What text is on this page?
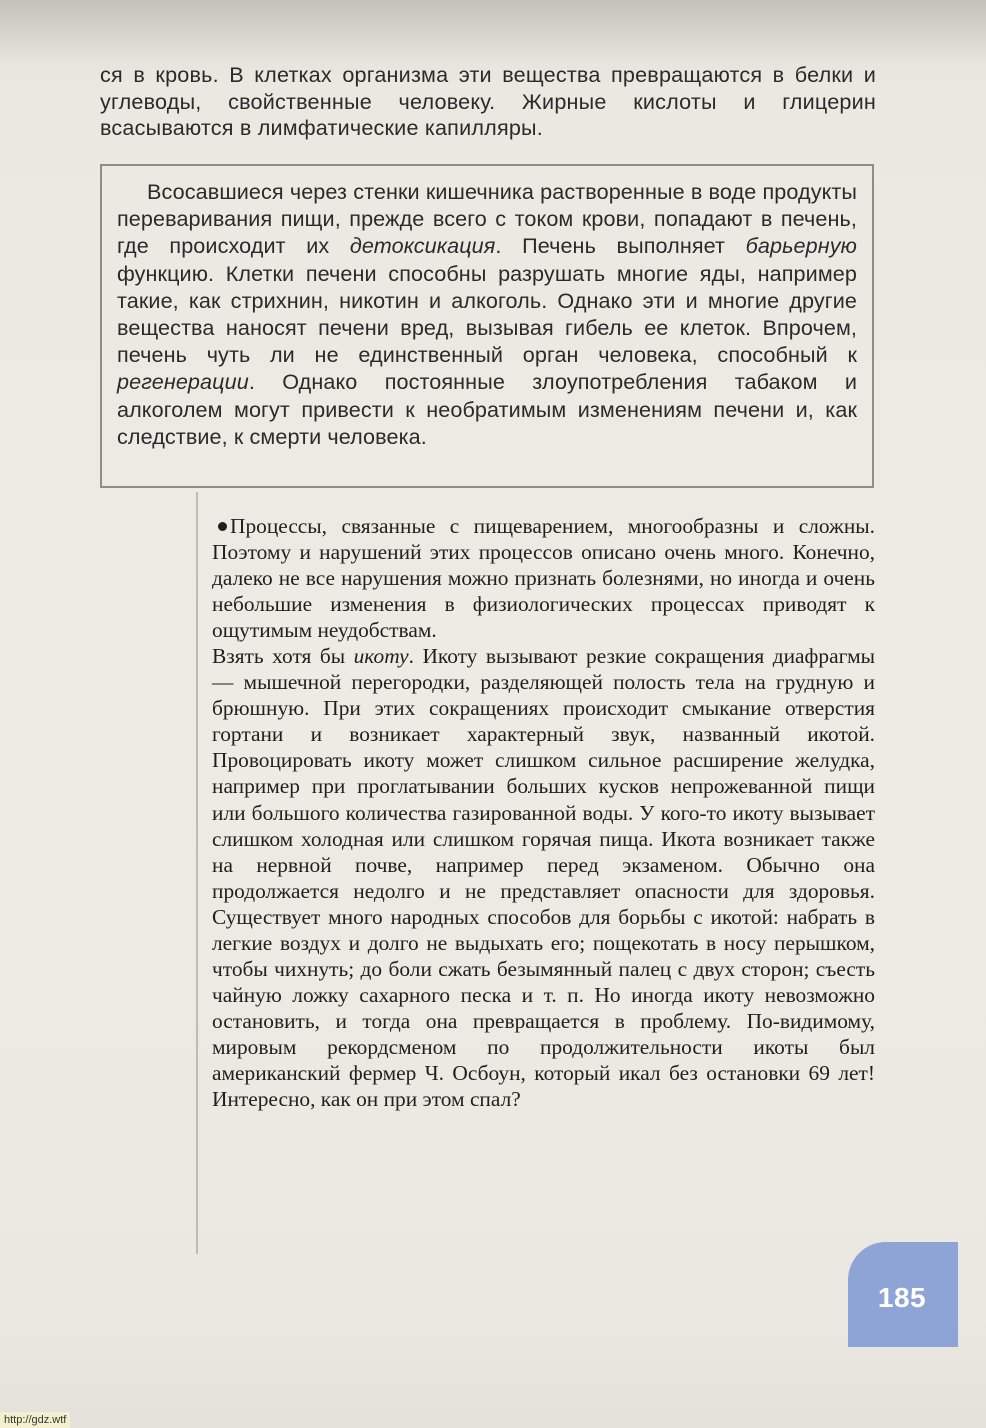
ся в кровь. В клетках организма эти вещества превращаются в белки и углеводы, свойственные человеку. Жирные кислоты и глицерин всасываются в лимфатические капилляры.
Всосавшиеся через стенки кишечника растворенные в воде продукты переваривания пищи, прежде всего с током крови, попадают в печень, где происходит их детоксикация. Печень выполняет барьерную функцию. Клетки печени способны разрушать многие яды, например такие, как стрихнин, никотин и алкоголь. Однако эти и многие другие вещества наносят печени вред, вызывая гибель ее клеток. Впрочем, печень чуть ли не единственный орган человека, способный к регенерации. Однако постоянные злоупотребления табаком и алкоголем могут привести к необратимым изменениям печени и, как следствие, к смерти человека.

Процессы, связанные с пищеварением, многообразны и сложны. Поэтому и нарушений этих процессов описано очень много. Конечно, далеко не все нарушения можно признать болезнями, но иногда и очень небольшие изменения в физиологических процессах приводят к ощутимым неудобствам.

Взять хотя бы икоту. Икоту вызывают резкие сокращения диафрагмы — мышечной перегородки, разделяющей полость тела на грудную и брюшную. При этих сокращениях происходит смыкание отверстия гортани и возникает характерный звук, названный икотой. Провоцировать икоту может слишком сильное расширение желудка, например при проглатывании больших кусков непрожеванной пищи или большого количества газированной воды. У кого-то икоту вызывает слишком холодная или слишком горячая пища. Икота возникает также на нервной почве, например перед экзаменом. Обычно она продолжается недолго и не представляет опасности для здоровья. Существует много народных способов для борьбы с икотой: набрать в легкие воздух и долго не выдыхать его; пощекотать в носу перышком, чтобы чихнуть; до боли сжать безымянный палец с двух сторон; съесть чайную ложку сахарного песка и т. п. Но иногда икоту невозможно остановить, и тогда она превращается в проблему. По-видимому, мировым рекордсменом по продолжительности икоты был американский фермер Ч. Осбоун, который икал без остановки 69 лет! Интересно, как он при этом спал?

185
http://gdz.wtf
